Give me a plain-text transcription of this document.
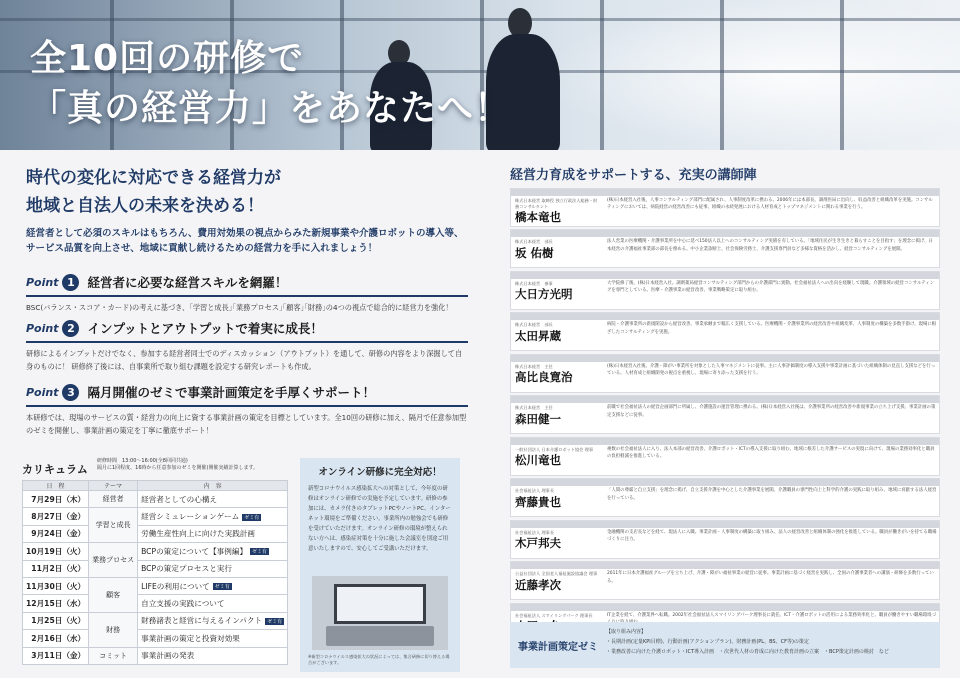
全10回の研修で
「真の経営力」をあなたへ！
時代の変化に対応できる経営力が
地域と自法人の未来を決める！
経営者として必須のスキルはもちろん、費用対効果の視点からみた新規事業や介護ロボットの導入等、
サービス品質を向上させ、地域に貢献し続けるための経営力を手に入れましょう！
Point 1	経営者に必要な経営スキルを網羅！
BSC(バランス・スコア・カード)の考えに基づき、｢学習と成長｣｢業務プロセス｣｢顧客｣｢財務｣の4つの視点で総合的に経営力を強化！
Point 2	インプットとアウトプットで着実に成長！
研修によるインプットだけでなく、参加する経営者同士でのディスカッション（アウトプット）を通して、研修の内容をより深掘して自身のものに！ 研修終了後には、自事業所で取り組む課題を設定する研究レポートも作成。
Point 3	隔月開催のゼミで事業計画策定を手厚くサポート！
本研修では、現場のサービスの質・経営力の向上に資する事業計画の策定を目標としています。全10回の研修に加え、隔月で任意参加型のゼミを開催し、事業計画の策定を丁寧に徹底サポート！
カリキュラム 研修時間　13:00〜16:00(全8回同共通)
隔月に1回程度、16時から任意参加のゼミを開催(開催実績計算します。
日　程	テーマ	内　容
7月29日（木）	経営者	経営者としての心構え
8月27日（金）	学習と成長	経営シミュレーションゲーム ゼミ有
9月24日（金）		労働生産性向上に向けた実践計画
10月19日（火）	業務プロセス	BCPの策定について【事例編】 ゼミ有
11月2日（火）		BCPの策定プロセスと実行
11月30日（火）	顧客	LIFEの利用について ゼミ有
12月15日（水）		自立支援の実践について
1月25日（火）	財務	財務諸表と経営に与えるインパクト ゼミ有
2月16日（水）		事業計画の策定と投資対効果
3月11日（金）	コミット	事業計画の発表
オンライン研修に完全対応！
新型コロナウイルス感染拡大への対策として、今年度の研修はオンライン研修での実施を予定しています。研修の参加には、カメラ付きのタブレットPCやノートPC、インターネット環境をご準備ください。事業所内の勉強会でも研修を受けていただけます。オンライン研修の環境が整えられない方へは、感染症対策を十分に施した会議室を別途ご用意いたしますので、安心してご受講いただけます。
※新型コロナウイルス感染拡大の状況によっては、集合研修に切り替える場合がございます。
経営力育成をサポートする、充実の講師陣
株式日本経営 取締役 独立行政法人総務・財務コンサルタント
橋本竜也
(株)日本経営入社後、人事コンサルティング部門に配属され、人事制度改革に携わる。2006年には本部長、調剤医局に出向し、収益改善と組織改革を実施。コンサルティングにおいては、病院経営の経営改善にも従事。組織の永続発展における人材育成とトップマネジメントに関わる事業を行う。
株式日本経営　部長
坂 佑樹
法人営業の医療機関・介護事業所を中心に延べ150法人以上へのコンサルティング実績を有している。「地域住民が生き生きと暮らすことを目指す」を理念に掲げ、日本経営の介護福祉事業部の部長を務める。中小企業診断士、社会保険労務士、介護支援専門員など多様な資格を活かし、経営コンサルティングを展開。
株式日本経営　参事
大日方光明
大学院修了後、(株)日本経営入社。調剤薬局経営コンサルティング部門からの介護部門に異動。社会福祉法人への出向を経験して現職。介護領域の経営コンサルティングを専門としている。医療・介護事業の経営改善、事業戦略策定に取り組む。
株式日本経営　部長
太田昇蔵
病院・介護事業所の新規開設から経営改善、事業承継まで幅広く支援している。医療機関・介護事業所の経営改善や組織変革、人事制度の構築を多数手掛け、現場に根ざしたコンサルティングを実施。
株式日本経営　主任
高比良寛治
(株)日本経営入社後、介護・障がい事業所を対象とした人事マネジメントに従事。主に人事評価制度の導入支援や事業計画に基づいた組織体制の見直し支援などを行っている。人材育成と組織開発の視点を重視し、現場に寄り添った支援を行う。
株式日本経営　主任
森田健一
前職で社会福祉法人の経営企画部門に所属し、介護施設の運営管理に携わる。(株)日本経営入社後は、介護事業所の経営改善や新規事業の立ち上げ支援、事業計画の策定支援などに従事。
一般社団法人 日本介護ロボット協会 理事
松川竜也
複数の社会福祉法人に入り、法人本部の経営改善、介護ロボット・ICTの導入支援に取り組む。地域に根差した介護サービスの実現に向けて、現場の業務効率化と職員の負担軽減を推進している。
社会福祉法人 理事長
齊藤貴也
「人間の尊厳と自立支援」を理念に掲げ、自立支援介護を中心とした介護事業を展開。介護職員の専門性向上と科学的介護の実践に取り組み、地域に貢献する法人経営を行っている。
社会福祉法人 理事長
木戸邦夫
金融機関の支店長などを経て、現法人に入職。事業計画・人事制度の構築に取り組み、法人の経営改善と組織体制の強化を推進している。職員が働きがいを持てる職場づくりに注力。
公益社団法人 全国老人福祉施設協議会 理事
近藤孝次
2011年に日本介護福祉グループを立ち上げ、介護・障がい福祉事業の経営に従事。事業計画に基づく経営を実践し、全国の介護事業者への講演・研修を多数行っている。
社会福祉法人 スマイリングパーク 理事長	IT企業を経て、介護業界へ転職。2002年社会福祉法人スマイリングパーク理事長に就任。ICT・介護ロボットの活用による業務効率化と、職員が働きやすい職場環境づ
事業計画策定ゼミ
【取り組み内容】
・長期計画(定量KPI目標)、行動計画(アクションプラン)、財務計画(PL、BS、CF等)の策定
・業務改善に向けた介護ロボット・ICT導入計画　・次世代人材の育成に向けた教育計画の立案　・BCP策定計画の検討　など
